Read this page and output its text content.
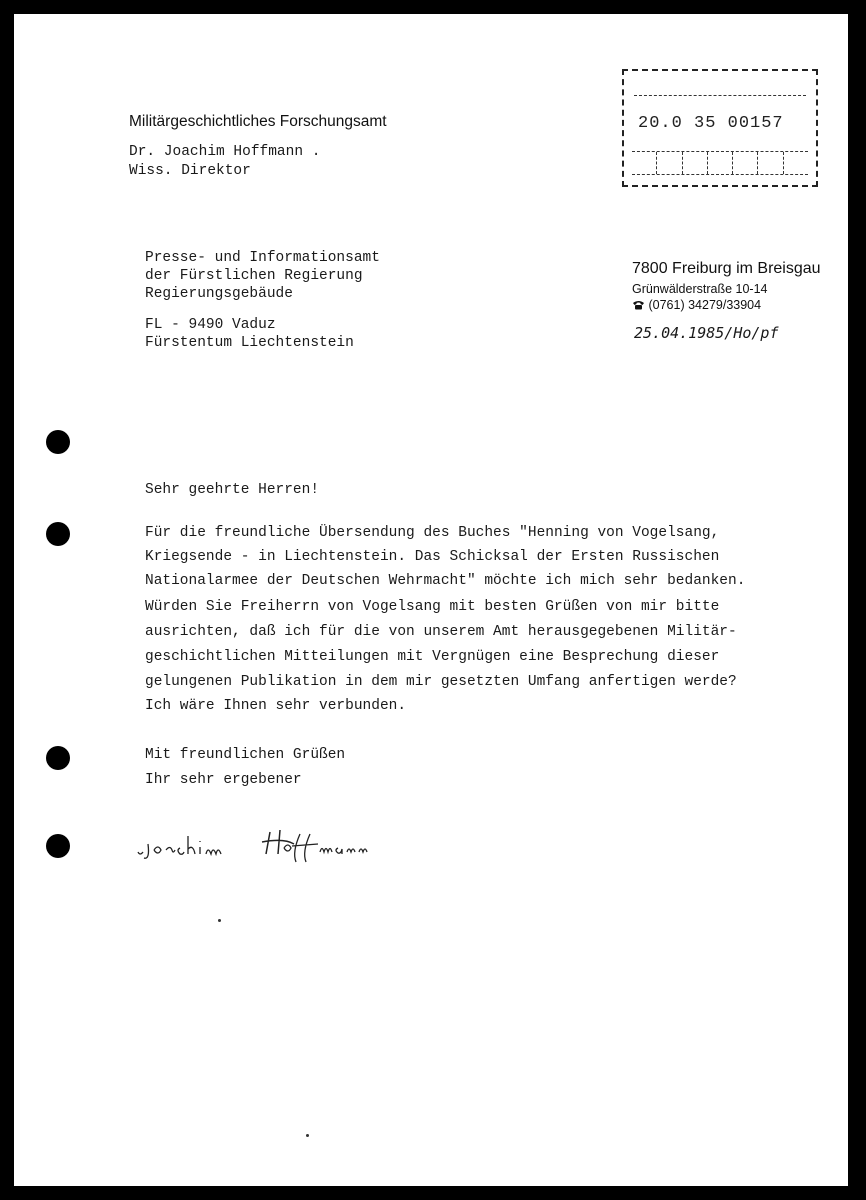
Militärgeschichtliches Forschungsamt
Dr. Joachim Hoffmann .
Wiss. Direktor
20.0 35 00157
Presse- und Informationsamt
der Fürstlichen Regierung
Regierungsgebäude
FL - 9490 Vaduz
Fürstentum Liechtenstein
7800 Freiburg im Breisgau
Grünwälderstraße 10-14
(0761) 34279/33904
25.04.1985/Ho/pf
Sehr geehrte Herren!
Für die freundliche Übersendung des Buches "Henning von Vogelsang,
Kriegsende - in Liechtenstein. Das Schicksal der Ersten Russischen
Nationalarmee der Deutschen Wehrmacht" möchte ich mich sehr bedanken.
Würden Sie Freiherrn von Vogelsang mit besten Grüßen von mir bitte
ausrichten, daß ich für die von unserem Amt herausgegebenen Militär-
geschichtlichen Mitteilungen mit Vergnügen eine Besprechung dieser
gelungenen Publikation in dem mir gesetzten Umfang anfertigen werde?
Ich wäre Ihnen sehr verbunden.
Mit freundlichen Grüßen
Ihr sehr ergebener
